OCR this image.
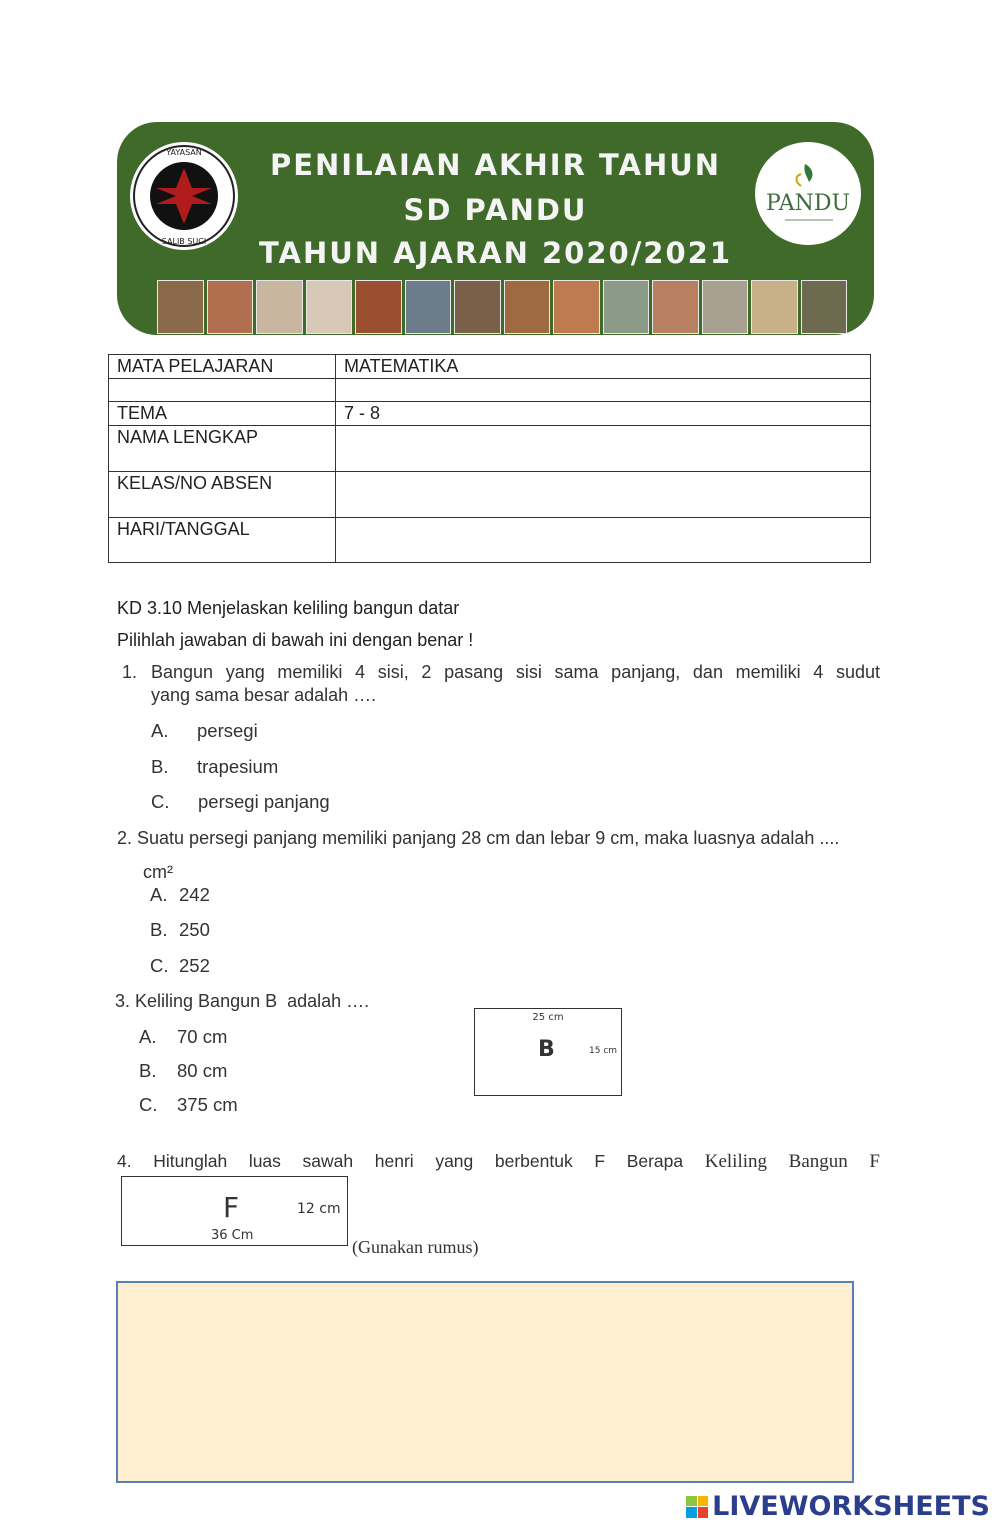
YAYASAN
SALIB SUCI
PENILAIAN AKHIR TAHUN
SD PANDU
TAHUN AJARAN 2020/2021
PANDU
MATA PELAJARAN	MATEMATIKA

TEMA	7 - 8
NAMA LENGKAP	
KELAS/NO ABSEN	
HARI/TANGGAL	
KD 3.10 Menjelaskan keliling bangun datar
Pilihlah jawaban di bawah ini dengan benar !
1. Bangun yang memiliki 4 sisi, 2 pasang sisi sama panjang, dan memiliki 4 sudut
yang sama besar adalah ….
A. persegi
B. trapesium
C. persegi panjang
2. Suatu persegi panjang memiliki panjang 28 cm dan lebar 9 cm, maka luasnya adalah ....
cm²
A. 242
B. 250
C. 252
3. Keliling Bangun B  adalah ….
A. 70 cm
B. 80 cm
C. 375 cm
25 cm
B	15 cm
4. Hitunglah luas sawah henri yang berbentuk F Berapa Keliling Bangun F
F	12 cm
36 Cm
(Gunakan rumus)
LIVEWORKSHEETS
